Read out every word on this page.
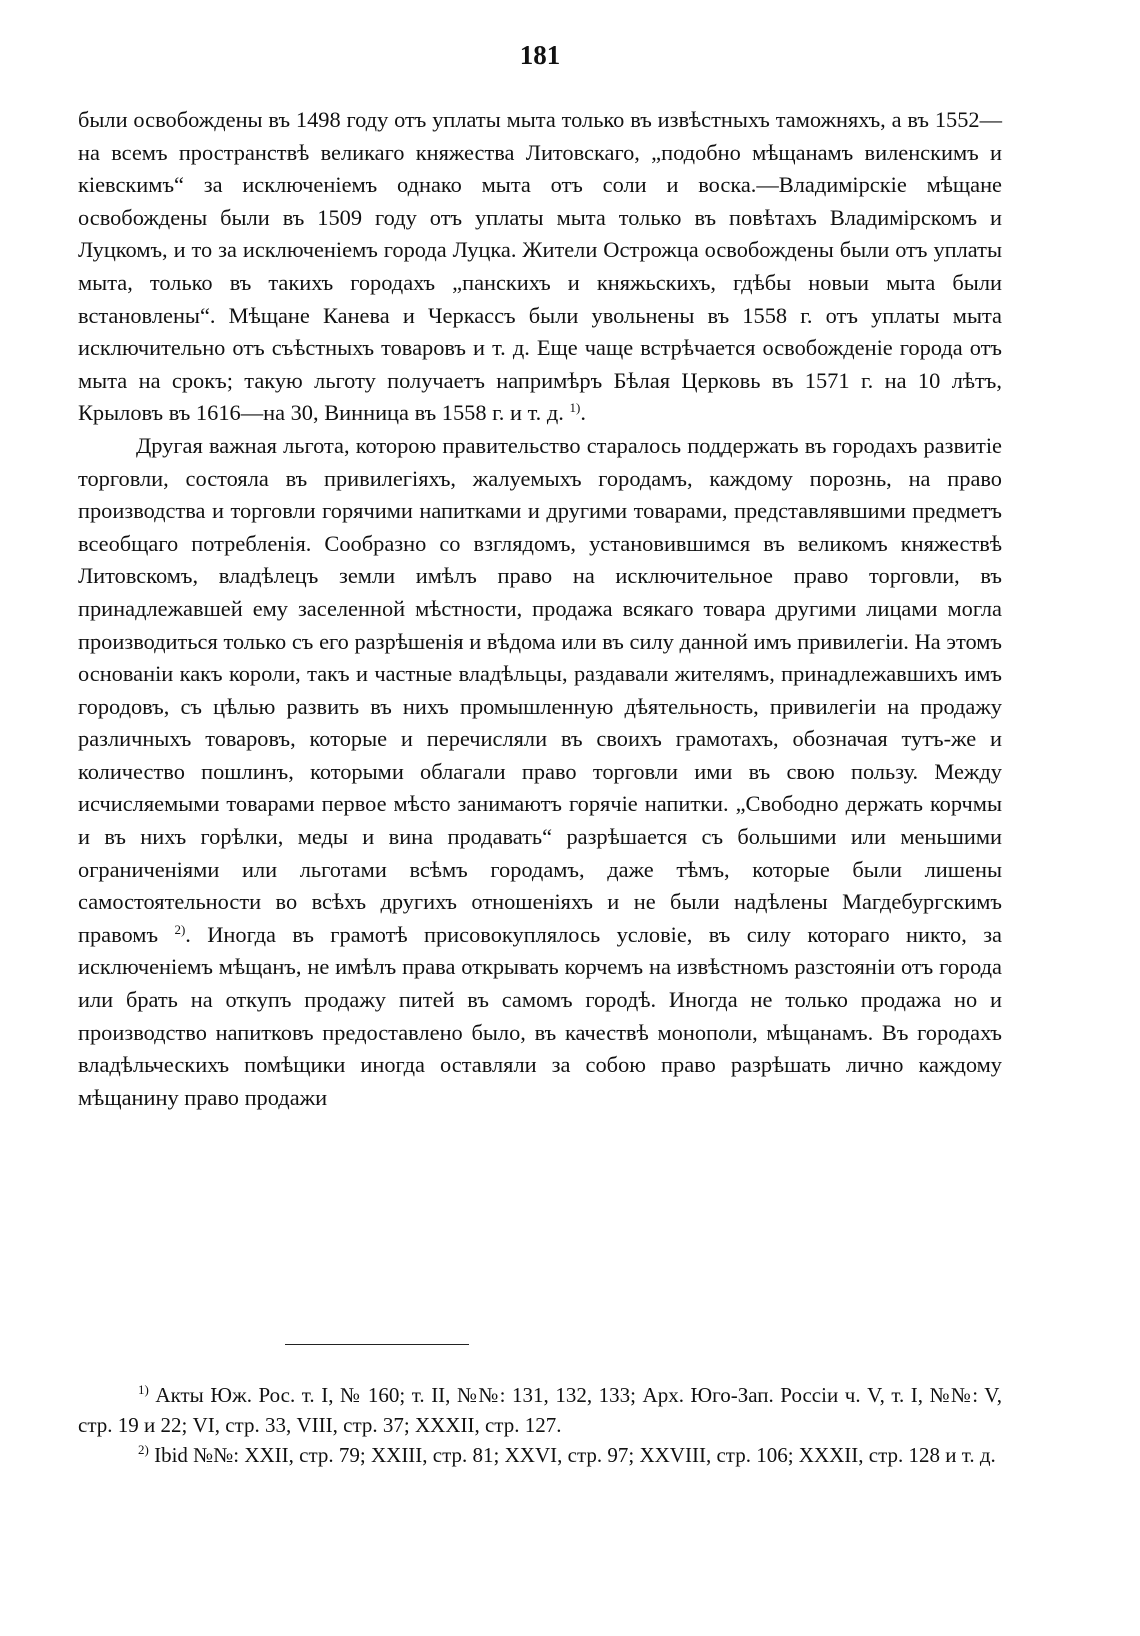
181

были освобождены въ 1498 году отъ уплаты мыта только въ извѣстныхъ таможняхъ, а въ 1552—на всемъ пространствѣ великаго княжества Литовскаго, „подобно мѣщанамъ виленскимъ и кіевскимъ“ за исключеніемъ однако мыта отъ соли и воска.—Владимірскіе мѣщане освобождены были въ 1509 году отъ уплаты мыта только въ повѣтахъ Владимірскомъ и Луцкомъ, и то за исключеніемъ города Луцка. Жители Острожца освобождены были отъ уплаты мыта, только въ такихъ городахъ „панскихъ и княжьскихъ, гдѣбы новыи мыта были встановлены“. Мѣщане Канева и Черкассъ были увольнены въ 1558 г. отъ уплаты мыта исключительно отъ съѣстныхъ товаровъ и т. д. Еще чаще встрѣчается освобожденіе города отъ мыта на срокъ; такую льготу получаетъ напримѣръ Бѣлая Церковь въ 1571 г. на 10 лѣтъ, Крыловъ въ 1616—на 30, Винница въ 1558 г. и т. д. $^{1)}$.

Другая важная льгота, которою правительство старалось поддержать въ городахъ развитіе торговли, состояла въ привилегіяхъ, жалуемыхъ городамъ, каждому порознь, на право производства и торговли горячими напитками и другими товарами, представлявшими предметъ всеобщаго потребленія. Сообразно со взглядомъ, установившимся въ великомъ княжествѣ Литовскомъ, владѣлецъ земли имѣлъ право на исключительное право торговли, въ принадлежавшей ему заселенной мѣстности, продажа всякаго товара другими лицами могла производиться только съ его разрѣшенія и вѣдома или въ силу данной имъ привилегіи. На этомъ основаніи какъ короли, такъ и частные владѣльцы, раздавали жителямъ, принадлежавшихъ имъ городовъ, съ цѣлью развить въ нихъ промышленную дѣятельность, привилегіи на продажу различныхъ товаровъ, которые и перечисляли въ своихъ грамотахъ, обозначая тутъ-же и количество пошлинъ, которыми облагали право торговли ими въ свою пользу. Между исчисляемыми товарами первое мѣсто занимаютъ горячіе напитки. „Свободно держать корчмы и въ нихъ горѣлки, меды и вина продавать“ разрѣшается съ большими или меньшими ограниченіями или льготами всѣмъ городамъ, даже тѣмъ, которые были лишены самостоятельности во всѣхъ другихъ отношеніяхъ и не были надѣлены Магдебургскимъ правомъ $^{2)}$. Иногда въ грамотѣ присовокуплялось условіе, въ силу котораго никто, за исключеніемъ мѣщанъ, не имѣлъ права открывать корчемъ на извѣстномъ разстояніи отъ города или брать на откупъ продажу питей въ самомъ городѣ. Иногда не только продажа но и производство напитковъ предоставлено было, въ качествѣ монополи, мѣщанамъ. Въ городахъ владѣльческихъ помѣщики иногда оставляли за собою право разрѣшать лично каждому мѣщанину право продажи

$^{1)}$ Акты Юж. Рос. т. I, № 160; т. II, №№: 131, 132, 133; Арх. Юго-Зап. Россіи ч. V, т. I, №№: V, стр. 19 и 22; VI, стр. 33, VIII, стр. 37; XXXII, стр. 127.

$^{2)}$ Ibid №№: XXII, стр. 79; XXIII, стр. 81; XXVI, стр. 97; XXVIII, стр. 106; XXXII, стр. 128 и т. д.
